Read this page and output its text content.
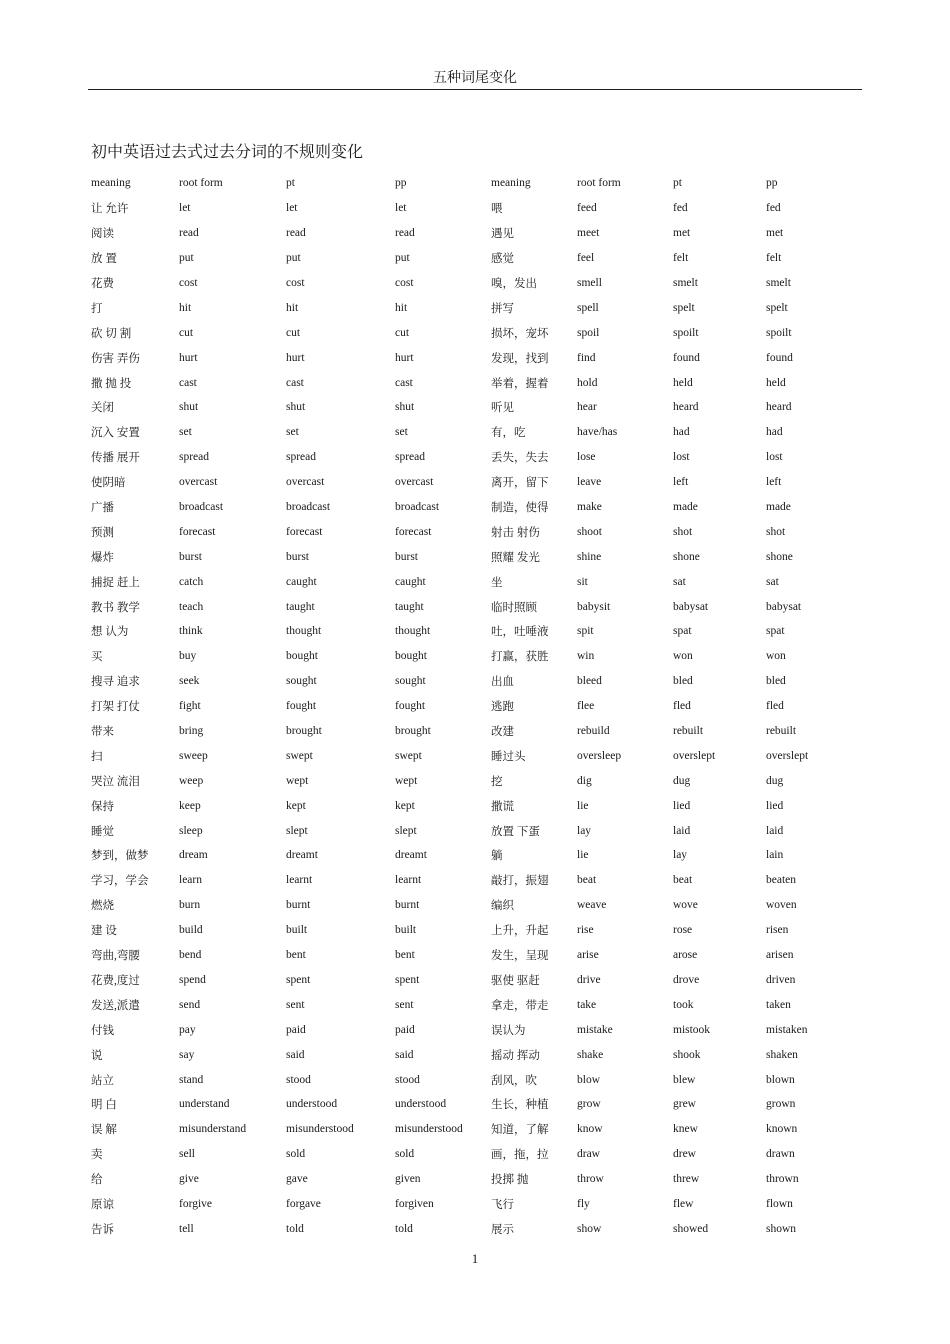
五种词尾变化
初中英语过去式过去分词的不规则变化
meaning	root form	pt	pp	meaning	root form	pt	pp
让 允许	let	let	let	喂	feed	fed	fed
阅读	read	read	read	遇见	meet	met	met
放 置	put	put	put	感觉	feel	felt	felt
花费	cost	cost	cost	嗅，发出	smell	smelt	smelt
打	hit	hit	hit	拼写	spell	spelt	spelt
砍 切 割	cut	cut	cut	损坏，宠坏	spoil	spoilt	spoilt
伤害 弄伤	hurt	hurt	hurt	发现，找到	find	found	found
撒 抛 投	cast	cast	cast	举着，握着	hold	held	held
关闭	shut	shut	shut	听见	hear	heard	heard
沉入 安置	set	set	set	有，吃	have/has	had	had
传播 展开	spread	spread	spread	丢失，失去	lose	lost	lost
使阴暗	overcast	overcast	overcast	离开，留下	leave	left	left
广播	broadcast	broadcast	broadcast	制造，使得	make	made	made
预测	forecast	forecast	forecast	射击 射伤	shoot	shot	shot
爆炸	burst	burst	burst	照耀 发光	shine	shone	shone
捕捉 赶上	catch	caught	caught	坐	sit	sat	sat
教书 教学	teach	taught	taught	临时照顾	babysit	babysat	babysat
想 认为	think	thought	thought	吐，吐唾液	spit	spat	spat
买	buy	bought	bought	打赢，获胜	win	won	won
搜寻 追求	seek	sought	sought	出血	bleed	bled	bled
打架 打仗	fight	fought	fought	逃跑	flee	fled	fled
带来	bring	brought	brought	改建	rebuild	rebuilt	rebuilt
扫	sweep	swept	swept	睡过头	oversleep	overslept	overslept
哭泣 流泪	weep	wept	wept	挖	dig	dug	dug
保持	keep	kept	kept	撒谎	lie	lied	lied
睡觉	sleep	slept	slept	放置 下蛋	lay	laid	laid
梦到，做梦	dream	dreamt	dreamt	躺	lie	lay	lain
学习，学会	learn	learnt	learnt	敲打，振翅	beat	beat	beaten
燃烧	burn	burnt	burnt	编织	weave	wove	woven
建 设	build	built	built	上升，升起	rise	rose	risen
弯曲,弯腰	bend	bent	bent	发生，呈现	arise	arose	arisen
花费,度过	spend	spent	spent	驱使 驱赶	drive	drove	driven
发送,派遣	send	sent	sent	拿走，带走	take	took	taken
付钱	pay	paid	paid	误认为	mistake	mistook	mistaken
说	say	said	said	摇动 挥动	shake	shook	shaken
站立	stand	stood	stood	刮风，吹	blow	blew	blown
明 白	understand	understood	understood	生长，种植	grow	grew	grown
误 解	misunderstand	misunderstood	misunderstood	知道，了解	know	knew	known
卖	sell	sold	sold	画，拖，拉	draw	drew	drawn
给	give	gave	given	投掷 抛	throw	threw	thrown
原谅	forgive	forgave	forgiven	飞行	fly	flew	flown
告诉	tell	told	told	展示	show	showed	shown
1
